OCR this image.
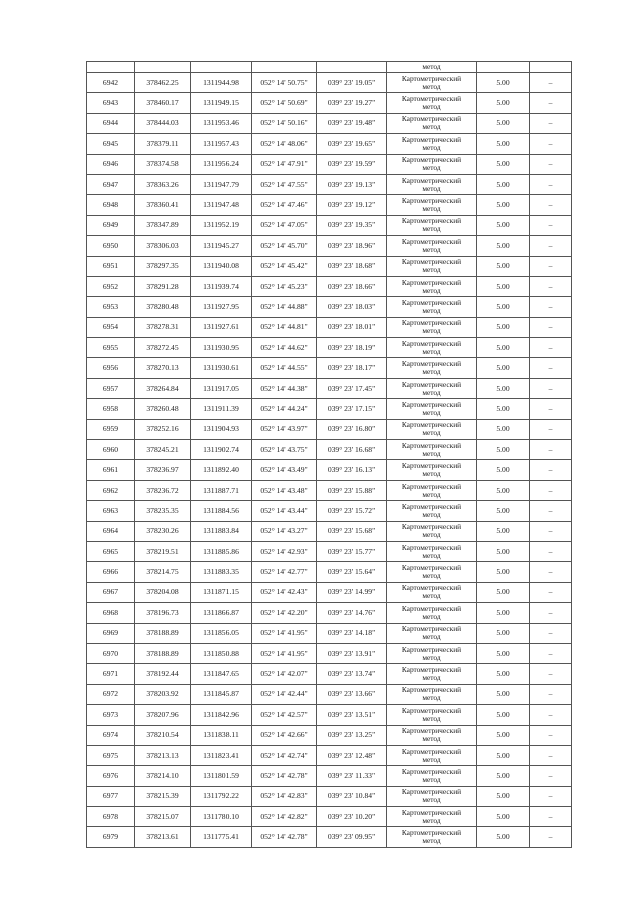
					метод		
6942	378462.25	1311944.98	052° 14' 50.75"	039° 23' 19.05"	Картометрический
метод	5.00	–
6943	378460.17	1311949.15	052° 14' 50.69"	039° 23' 19.27"	Картометрический
метод	5.00	–
6944	378444.03	1311953.46	052° 14' 50.16"	039° 23' 19.48"	Картометрический
метод	5.00	–
6945	378379.11	1311957.43	052° 14' 48.06"	039° 23' 19.65"	Картометрический
метод	5.00	–
6946	378374.58	1311956.24	052° 14' 47.91"	039° 23' 19.59"	Картометрический
метод	5.00	–
6947	378363.26	1311947.79	052° 14' 47.55"	039° 23' 19.13"	Картометрический
метод	5.00	–
6948	378360.41	1311947.48	052° 14' 47.46"	039° 23' 19.12"	Картометрический
метод	5.00	–
6949	378347.89	1311952.19	052° 14' 47.05"	039° 23' 19.35"	Картометрический
метод	5.00	–
6950	378306.03	1311945.27	052° 14' 45.70"	039° 23' 18.96"	Картометрический
метод	5.00	–
6951	378297.35	1311940.08	052° 14' 45.42"	039° 23' 18.68"	Картометрический
метод	5.00	–
6952	378291.28	1311939.74	052° 14' 45.23"	039° 23' 18.66"	Картометрический
метод	5.00	–
6953	378280.48	1311927.95	052° 14' 44.88"	039° 23' 18.03"	Картометрический
метод	5.00	–
6954	378278.31	1311927.61	052° 14' 44.81"	039° 23' 18.01"	Картометрический
метод	5.00	–
6955	378272.45	1311930.95	052° 14' 44.62"	039° 23' 18.19"	Картометрический
метод	5.00	–
6956	378270.13	1311930.61	052° 14' 44.55"	039° 23' 18.17"	Картометрический
метод	5.00	–
6957	378264.84	1311917.05	052° 14' 44.38"	039° 23' 17.45"	Картометрический
метод	5.00	–
6958	378260.48	1311911.39	052° 14' 44.24"	039° 23' 17.15"	Картометрический
метод	5.00	–
6959	378252.16	1311904.93	052° 14' 43.97"	039° 23' 16.80"	Картометрический
метод	5.00	–
6960	378245.21	1311902.74	052° 14' 43.75"	039° 23' 16.68"	Картометрический
метод	5.00	–
6961	378236.97	1311892.40	052° 14' 43.49"	039° 23' 16.13"	Картометрический
метод	5.00	–
6962	378236.72	1311887.71	052° 14' 43.48"	039° 23' 15.88"	Картометрический
метод	5.00	–
6963	378235.35	1311884.56	052° 14' 43.44"	039° 23' 15.72"	Картометрический
метод	5.00	–
6964	378230.26	1311883.84	052° 14' 43.27"	039° 23' 15.68"	Картометрический
метод	5.00	–
6965	378219.51	1311885.86	052° 14' 42.93"	039° 23' 15.77"	Картометрический
метод	5.00	–
6966	378214.75	1311883.35	052° 14' 42.77"	039° 23' 15.64"	Картометрический
метод	5.00	–
6967	378204.08	1311871.15	052° 14' 42.43"	039° 23' 14.99"	Картометрический
метод	5.00	–
6968	378196.73	1311866.87	052° 14' 42.20"	039° 23' 14.76"	Картометрический
метод	5.00	–
6969	378188.89	1311856.05	052° 14' 41.95"	039° 23' 14.18"	Картометрический
метод	5.00	–
6970	378188.89	1311850.88	052° 14' 41.95"	039° 23' 13.91"	Картометрический
метод	5.00	–
6971	378192.44	1311847.65	052° 14' 42.07"	039° 23' 13.74"	Картометрический
метод	5.00	–
6972	378203.92	1311845.87	052° 14' 42.44"	039° 23' 13.66"	Картометрический
метод	5.00	–
6973	378207.96	1311842.96	052° 14' 42.57"	039° 23' 13.51"	Картометрический
метод	5.00	–
6974	378210.54	1311838.11	052° 14' 42.66"	039° 23' 13.25"	Картометрический
метод	5.00	–
6975	378213.13	1311823.41	052° 14' 42.74"	039° 23' 12.48"	Картометрический
метод	5.00	–
6976	378214.10	1311801.59	052° 14' 42.78"	039° 23' 11.33"	Картометрический
метод	5.00	–
6977	378215.39	1311792.22	052° 14' 42.83"	039° 23' 10.84"	Картометрический
метод	5.00	–
6978	378215.07	1311780.10	052° 14' 42.82"	039° 23' 10.20"	Картометрический
метод	5.00	–
6979	378213.61	1311775.41	052° 14' 42.78"	039° 23' 09.95"	Картометрический
метод	5.00	–
